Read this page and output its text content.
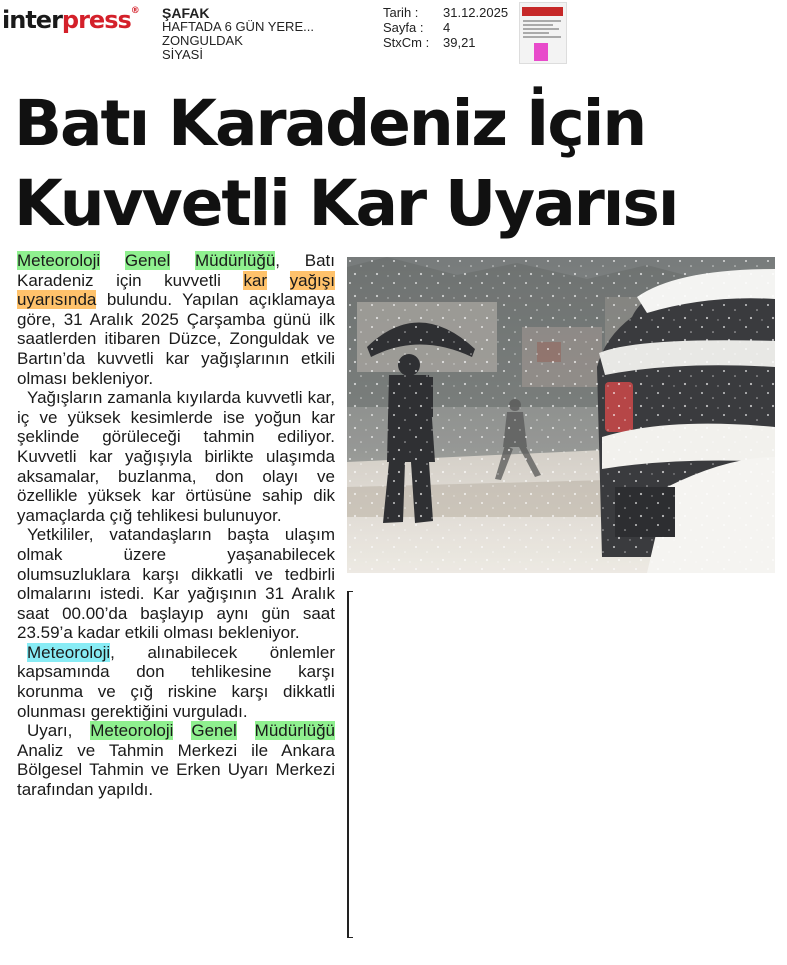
interpress® ŞAFAK
HAFTADA 6 GÜN YERE...
ZONGULDAK
SİYASİ
Tarih :	31.12.2025
Sayfa :	4
StxCm :	39,21
Batı Karadeniz İçin
Kuvvetli Kar Uyarısı

Meteoroloji Genel Müdürlüğü, Batı Karadeniz için kuvvetli kar yağışı uyarısında bulundu. Yapılan açıklamaya göre, 31 Aralık 2025 Çarşamba günü ilk saatlerden itibaren Düzce, Zonguldak ve Bartın’da kuvvetli kar yağışlarının etkili olması bekleniyor.

Yağışların zamanla kıyılarda kuvvetli kar, iç ve yüksek kesimlerde ise yoğun kar şeklinde görüleceği tahmin ediliyor. Kuvvetli kar yağışıyla birlikte ulaşımda aksamalar, buzlanma, don olayı ve özellikle yüksek kar örtüsüne sahip dik yamaçlarda çığ tehlikesi bulunuyor.

Yetkililer, vatandaşların başta ulaşım olmak üzere yaşanabilecek olumsuzluklara karşı dikkatli ve tedbirli olmalarını istedi. Kar yağışının 31 Aralık saat 00.00’da başlayıp aynı gün saat 23.59’a kadar etkili olması bekleniyor.

Meteoroloji, alınabilecek önlemler kapsamında don tehlikesine karşı korunma ve çığ riskine karşı dikkatli olunması gerektiğini vurguladı.

Uyarı, Meteoroloji Genel Müdürlüğü Analiz ve Tahmin Merkezi ile Ankara Bölgesel Tahmin ve Erken Uyarı Merkezi tarafından yapıldı.
